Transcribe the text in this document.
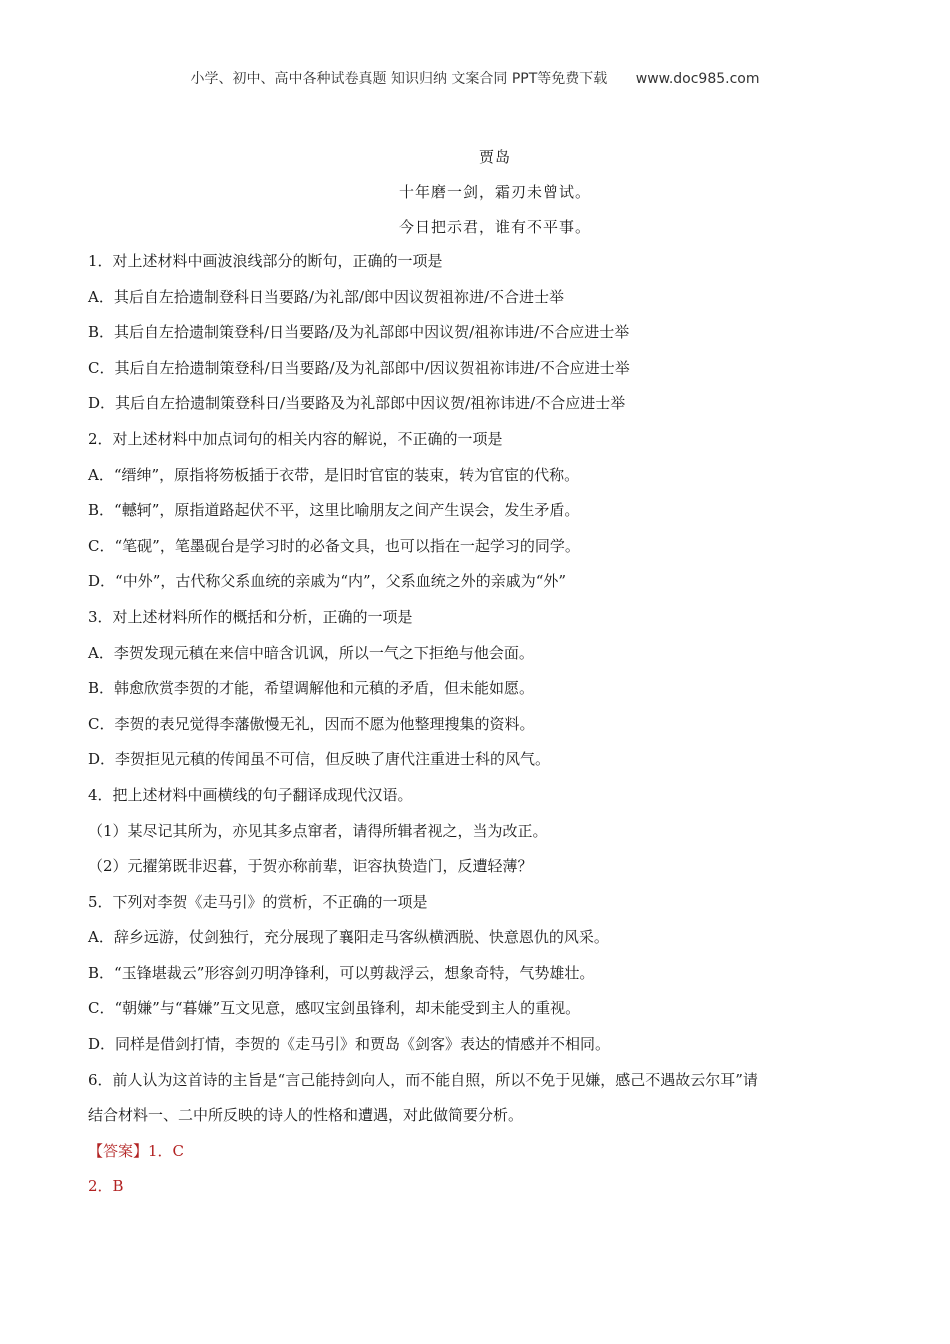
小学、初中、高中各种试卷真题 知识归纳 文案合同 PPT等免费下载 www.doc985.com
贾岛
十年磨一剑，霜刃未曾试。
今日把示君，谁有不平事。
1．对上述材料中画波浪线部分的断句，正确的一项是
A．其后自左拾遗制登科日当要路/为礼部/郎中因议贺祖祢进/不合进士举
B．其后自左拾遗制策登科/日当要路/及为礼部郎中因议贺/祖祢讳进/不合应进士举
C．其后自左拾遗制策登科/日当要路/及为礼部郎中/因议贺祖祢讳进/不合应进士举
D．其后自左拾遗制策登科日/当要路及为礼部郎中因议贺/祖祢讳进/不合应进士举
2．对上述材料中加点词句的相关内容的解说，不正确的一项是
A．“缙绅”，原指将笏板插于衣带，是旧时官宦的装束，转为官宦的代称。
B．“轗轲”，原指道路起伏不平，这里比喻朋友之间产生误会，发生矛盾。
C．“笔砚”，笔墨砚台是学习时的必备文具，也可以指在一起学习的同学。
D．“中外”，古代称父系血统的亲戚为“内”，父系血统之外的亲戚为“外”
3．对上述材料所作的概括和分析，正确的一项是
A．李贺发现元稹在来信中暗含讥讽，所以一气之下拒绝与他会面。
B．韩愈欣赏李贺的才能，希望调解他和元稹的矛盾，但未能如愿。
C．李贺的表兄觉得李藩傲慢无礼，因而不愿为他整理搜集的资料。
D．李贺拒见元稹的传闻虽不可信，但反映了唐代注重进士科的风气。
4．把上述材料中画横线的句子翻译成现代汉语。
（1）某尽记其所为，亦见其多点窜者，请得所辑者视之，当为改正。
（2）元擢第既非迟暮，于贺亦称前辈，讵容执贽造门，反遭轻薄？
5．下列对李贺《走马引》的赏析，不正确的一项是
A．辞乡远游，仗剑独行，充分展现了襄阳走马客纵横洒脱、快意恩仇的风采。
B．“玉锋堪裁云”形容剑刃明净锋利，可以剪裁浮云，想象奇特，气势雄壮。
C．“朝嫌”与“暮嫌”互文见意，感叹宝剑虽锋利，却未能受到主人的重视。
D．同样是借剑打情，李贺的《走马引》和贾岛《剑客》表达的情感并不相同。
6．前人认为这首诗的主旨是“言己能持剑向人，而不能自照，所以不免于见嫌，感己不遇故云尔耳”请
结合材料一、二中所反映的诗人的性格和遭遇，对此做简要分析。
【答案】1．C
2．B
